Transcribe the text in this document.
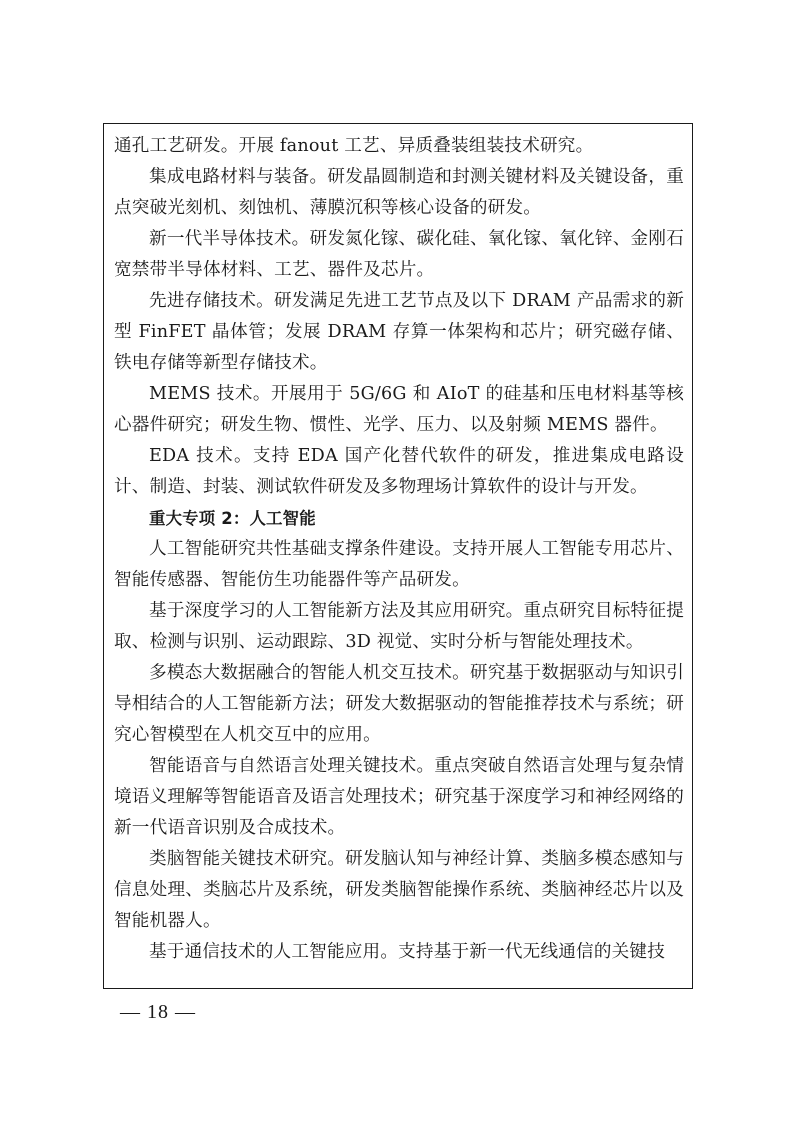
通孔工艺研发。开展 fanout 工艺、异质叠装组装技术研究。

集成电路材料与装备。研发晶圆制造和封测关键材料及关键设备，重点突破光刻机、刻蚀机、薄膜沉积等核心设备的研发。

新一代半导体技术。研发氮化镓、碳化硅、氧化镓、氧化锌、金刚石宽禁带半导体材料、工艺、器件及芯片。

先进存储技术。研发满足先进工艺节点及以下 DRAM 产品需求的新型 FinFET 晶体管；发展 DRAM 存算一体架构和芯片；研究磁存储、铁电存储等新型存储技术。

MEMS 技术。开展用于 5G/6G 和 AIoT 的硅基和压电材料基等核心器件研究；研发生物、惯性、光学、压力、以及射频 MEMS 器件。

EDA 技术。支持 EDA 国产化替代软件的研发，推进集成电路设计、制造、封装、测试软件研发及多物理场计算软件的设计与开发。

重大专项 2：人工智能

人工智能研究共性基础支撑条件建设。支持开展人工智能专用芯片、智能传感器、智能仿生功能器件等产品研发。

基于深度学习的人工智能新方法及其应用研究。重点研究目标特征提取、检测与识别、运动跟踪、3D 视觉、实时分析与智能处理技术。

多模态大数据融合的智能人机交互技术。研究基于数据驱动与知识引导相结合的人工智能新方法；研发大数据驱动的智能推荐技术与系统；研究心智模型在人机交互中的应用。

智能语音与自然语言处理关键技术。重点突破自然语言处理与复杂情境语义理解等智能语音及语言处理技术；研究基于深度学习和神经网络的新一代语音识别及合成技术。

类脑智能关键技术研究。研发脑认知与神经计算、类脑多模态感知与信息处理、类脑芯片及系统，研发类脑智能操作系统、类脑神经芯片以及智能机器人。

基于通信技术的人工智能应用。支持基于新一代无线通信的关键技

— 18 —
